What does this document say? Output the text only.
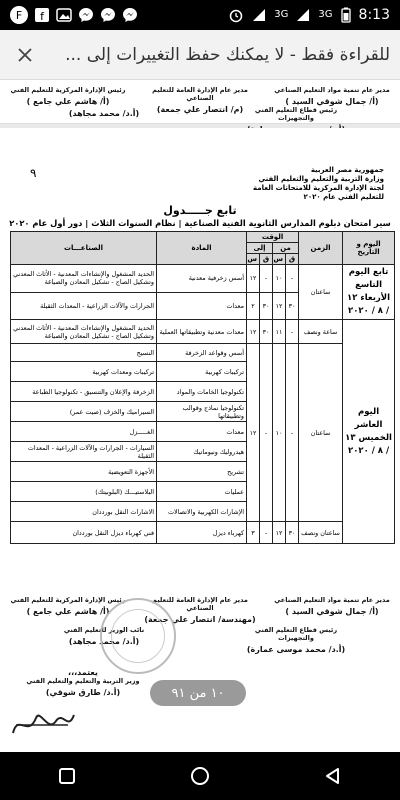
F	f	3G	3G 8:13
للقراءة فقط - لا يمكنك حفظ التغييرات إلى ...
مدير عام تنمية مواد التعليم الصناعي
(أ/ جمال شوقي السيد )
مدير عام الإدارة العامة للتعليم الصناعي
(م/ انتصار علي جمعة)
رئيس الإدارة المركزية للتعليم الفني
(أ/ هاشم علي جامع )
رئيس قطاع التعليم الفني والتجهيزات
(أ.د/ محمد مجاهد)
٩	جمهورية مصر العربية
وزارة التربية والتعليم والتعليم الفني
لجنة الإدارة المركزية للامتحانات العامة
للتعليم الفني عام ٢٠٢٠
تابع جـــــدول
سير امتحان دبلوم المدارس الثانوية الفنية الصناعية | نظام السنوات الثلاث | دور أول عام ٢٠٢٠
اليوم و التاريخ	الزمن	الوقت				المادة	الصناعـــات
		من		إلى			
		ق	س	ق	س		
تابع اليوم التاسع الأربعاء ١٢ / ٨ / ٢٠٢٠	ساعتان	-	١٠	-	١٢	أسس زخرفية معدنية	الحديد المشغول والإنشاءات المعدنية - الأثاث المعدني وتشكيل الصاج - تشكيل المعادن والصياغة
		٣٠	١٢	٣٠	٢	معدات	الجرارات والآلات الزراعية - المعدات الثقيلة
اليوم العاشر الخميس ١٣ / ٨ / ٢٠٢٠	ساعة ونصف	-	١١	٣٠	١٢	معدات معدنية وتطبيقاتها العملية	الحديد المشغول والإنشاءات المعدنية - الأثاث المعدني وتشكيل الصاج - تشكيل المعادن والصياغة
	ساعتان	-	١٠	-	١٢	أسس وقواعد الزخرفة	النسيج
						تركيبات كهربية	تركيبات ومعدات كهربية
						تكنولوجيا الخامات والمواد	الزخرفة والإعلان والتنسيق - تكنولوجيا الطباعة
						تكنولوجيا نماذج وقوالب وتطبيقاتها	السيراميك والخزف (صيت عمر)
						معدات	الغـــــزل
						هيدروليك ونيوماتيك	السيارات - الجرارات والآلات الزراعية - المعدات الثقيلة
						تشريح	الأجهزة التعويضية
						عمليات	البلاستيـــك (البلوبيتك)
						الإشارات الكهربية والاتصالات	الاشارات النقل بورددان
	ساعتان ونصف	٣٠	١٢	-	٣	كهرباء ديزل	فني كهرباء ديزل النقل بورددان
مدير عام تنمية مواد التعليم الصناعي
(أ/ جمال شوقي السيد )
مدير عام الإدارة العامة للتعليم الصناعي
(مهندسة/ انتصار علي جمعة)
رئيس الإدارة المركزية للتعليم الفني
(أ/ هاشم علي جامع )
رئيس قطاع التعليم الفني والتجهيزات
(أ.د/ محمد موسى عمارة)
نائب الوزير للتعليم الفني
(أ.د/ محمد مجاهد)
يعتمد،،،
وزير التربية والتعليم والتعليم الفني
(أ.د/ طارق شوقي)	١٠ من ٩١
